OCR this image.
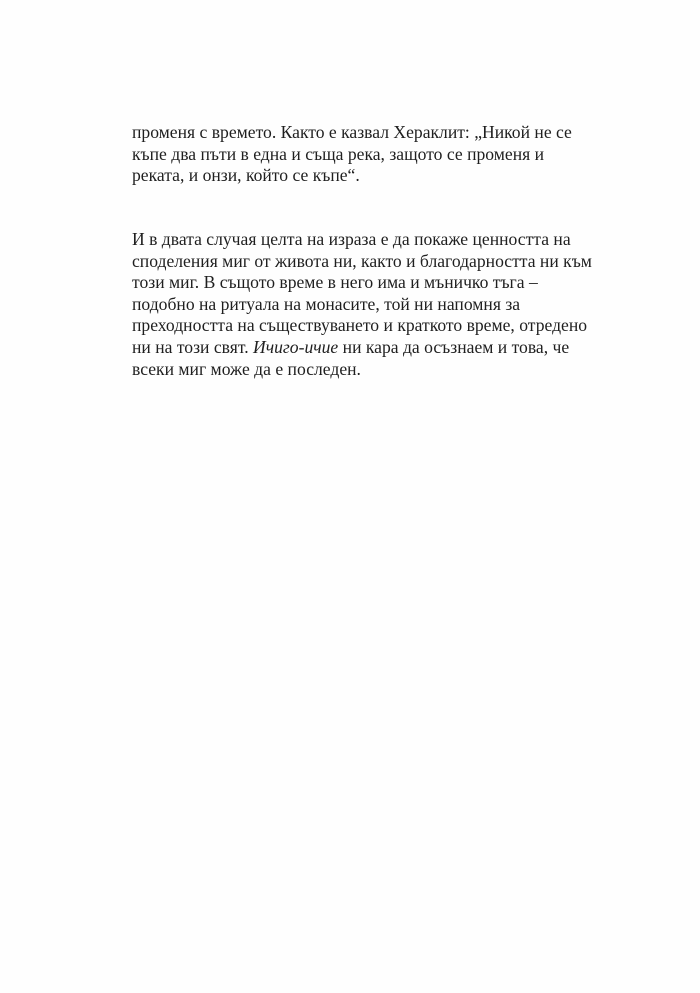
променя с времето. Както е казвал Хераклит: „Никой не се
къпе два пъти в една и съща река, защото се променя и
реката, и онзи, който се къпе“.

И в двата случая целта на израза е да покаже ценността на
споделения миг от живота ни, както и благодарността ни към
този миг. В същото време в него има и мъничко тъга –
подобно на ритуала на монасите, той ни напомня за
преходността на съществуването и краткото време, отредено
ни на този свят. Ичиго-ичие ни кара да осъзнаем и това, че
всеки миг може да е последен.
